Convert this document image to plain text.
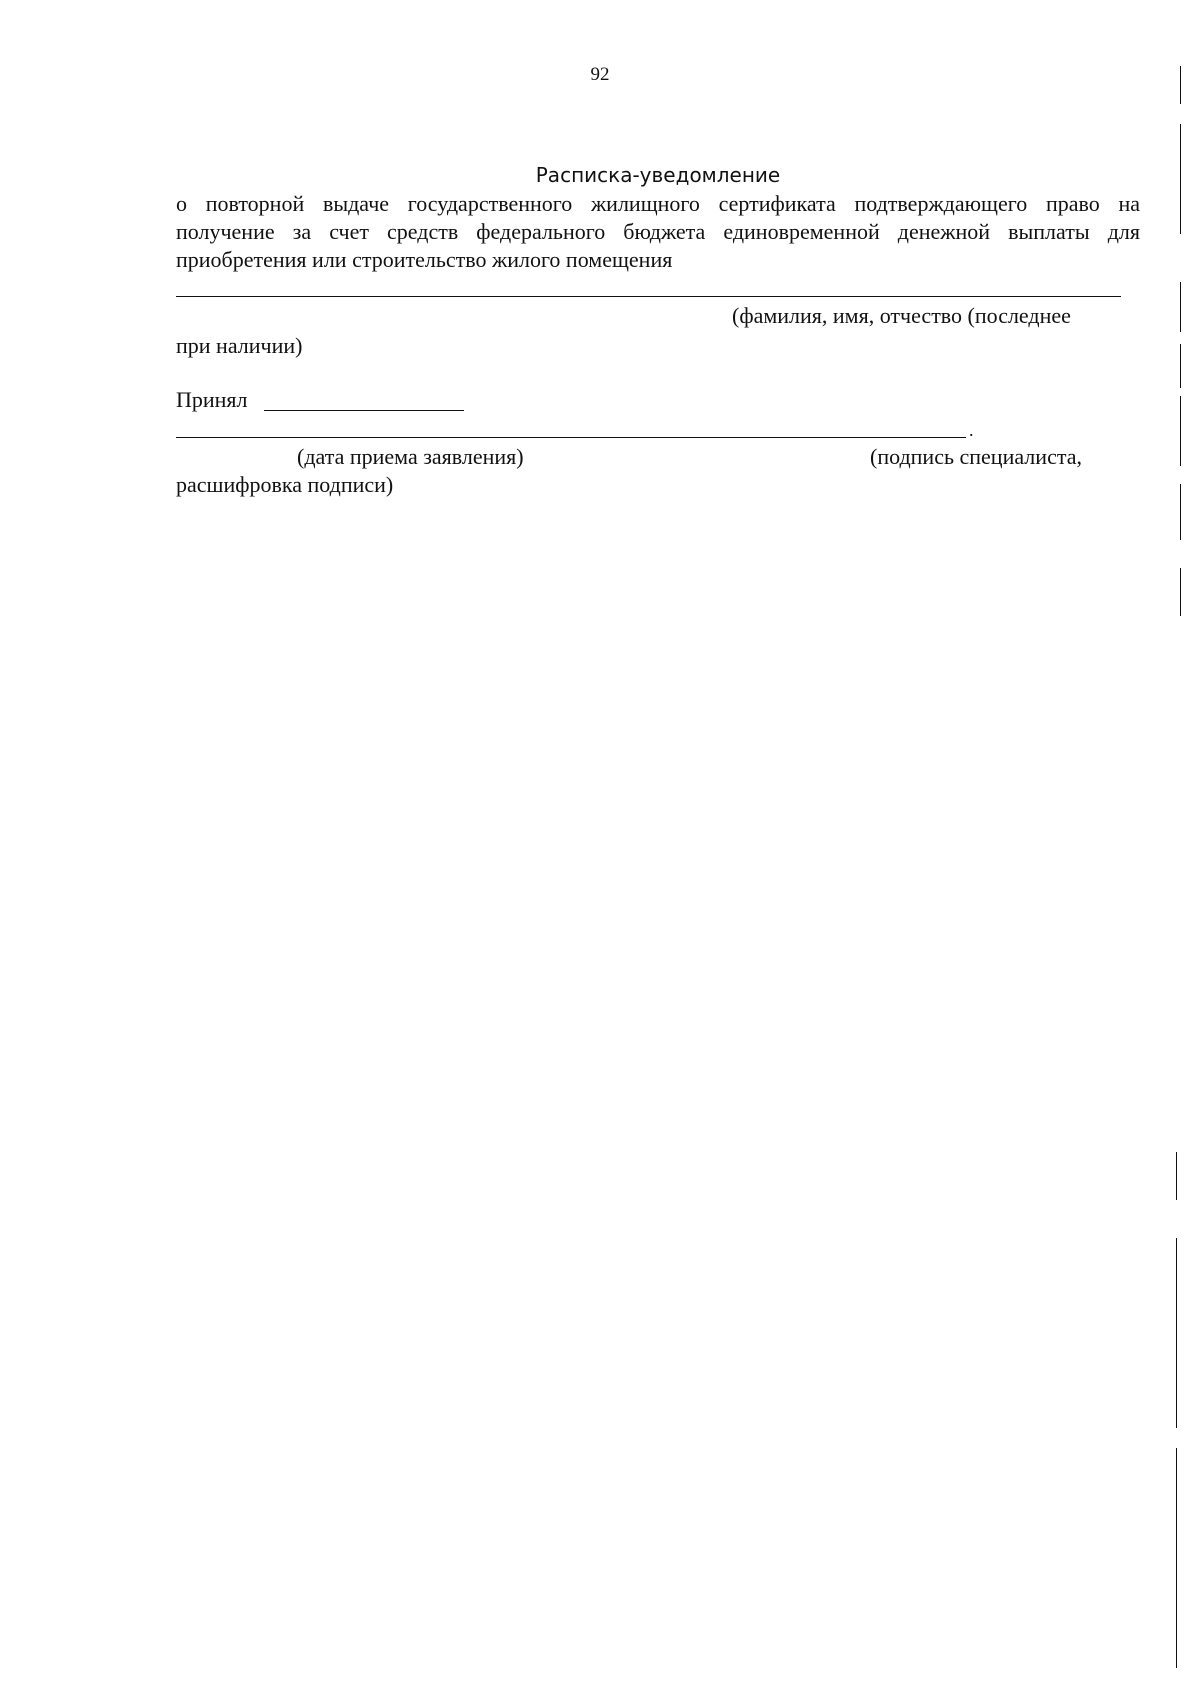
92
Расписка-уведомление
о повторной выдаче государственного жилищного сертификата подтверждающего право на
получение за счет средств федерального бюджета единовременной денежной выплаты для
приобретения или строительство жилого помещения
(фамилия, имя, отчество (последнее
при наличии)
Принял
.
(дата приема заявления)	(подпись специалиста,
расшифровка подписи)
